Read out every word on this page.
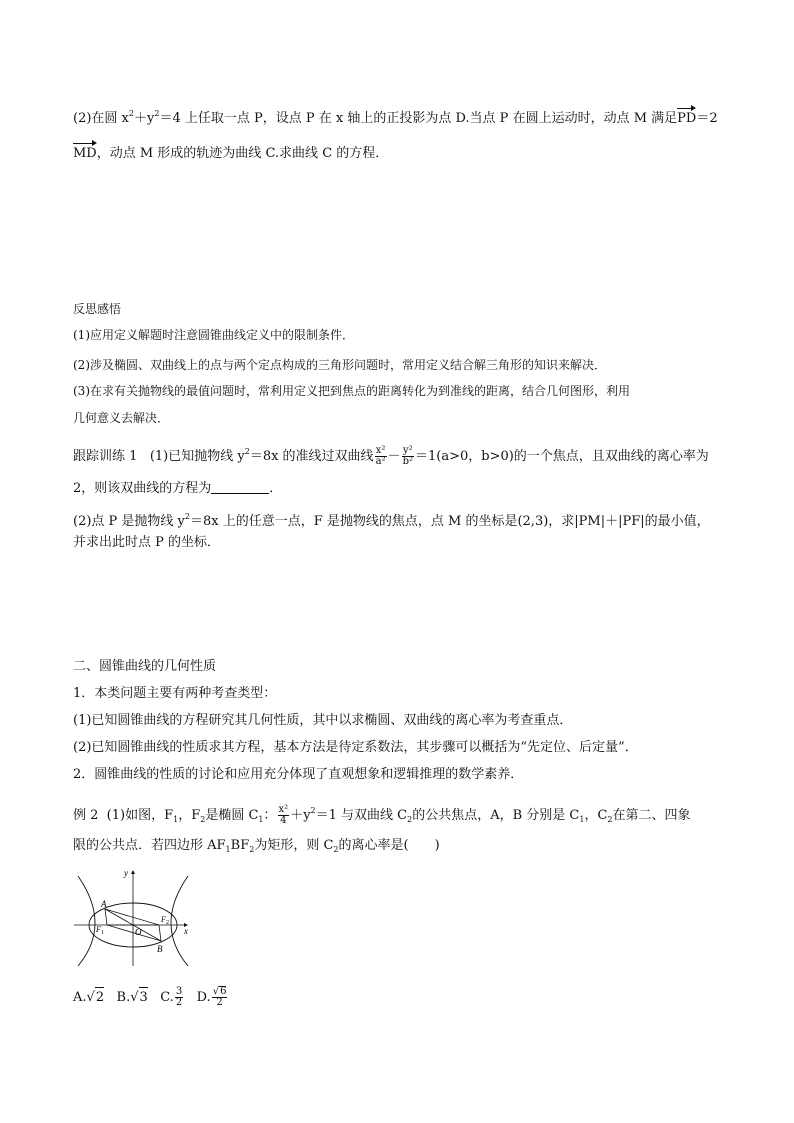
(2)在圆 $x^2+y^2=4$ 上任取一点 P，设点 P 在 x 轴上的正投影为点 D.当点 P 在圆上运动时，动点 M 满足PD＝2
MD，动点 M 形成的轨迹为曲线 C.求曲线 C 的方程．
反思感悟
(1)应用定义解题时注意圆锥曲线定义中的限制条件．
(2)涉及椭圆、双曲线上的点与两个定点构成的三角形问题时，常用定义结合解三角形的知识来解决．
(3)在求有关抛物线的最值问题时，常利用定义把到焦点的距离转化为到准线的距离，结合几何图形，利用
几何意义去解决．
跟踪训练 1 (1)已知抛物线 $y^2=8x$ 的准线过双曲线 $\frac{\text{x²}}{\text{a²}} - \frac{\text{y²}}{\text{b²}} =1(a>0$，b>0)的一个焦点，且双曲线的离心率为
2，则该双曲线的方程为	．
(2)点 P 是抛物线 $y^2=8x$ 上的任意一点，F 是抛物线的焦点，点 M 的坐标是(2,3)，求|PM|＋|PF|的最小值，
并求出此时点 P 的坐标．
二、圆锥曲线的几何性质
1．本类问题主要有两种考查类型：
(1)已知圆锥曲线的方程研究其几何性质，其中以求椭圆、双曲线的离心率为考查重点．
(2)已知圆锥曲线的性质求其方程，基本方法是待定系数法，其步骤可以概括为“先定位、后定量”．
2．圆锥曲线的性质的讨论和应用充分体现了直观想象和逻辑推理的数学素养．
例 2 (1)如图，$F_1$，$F_2$是椭圆 $C_1$： $\frac{\text{x²}}{4} +y^2=1$ 与双曲线 $C_2$的公共焦点，A，B 分别是 $C_1$，$C_2$在第二、四象
限的公共点．若四边形 $AF_1BF_2$为矩形，则 $C_2$的离心率是(　　)
y
x
A
B
O
F 1
F 2
A.√2 B.√3 C. $\frac{3}{2} D$. $\frac{√6}{2}$
